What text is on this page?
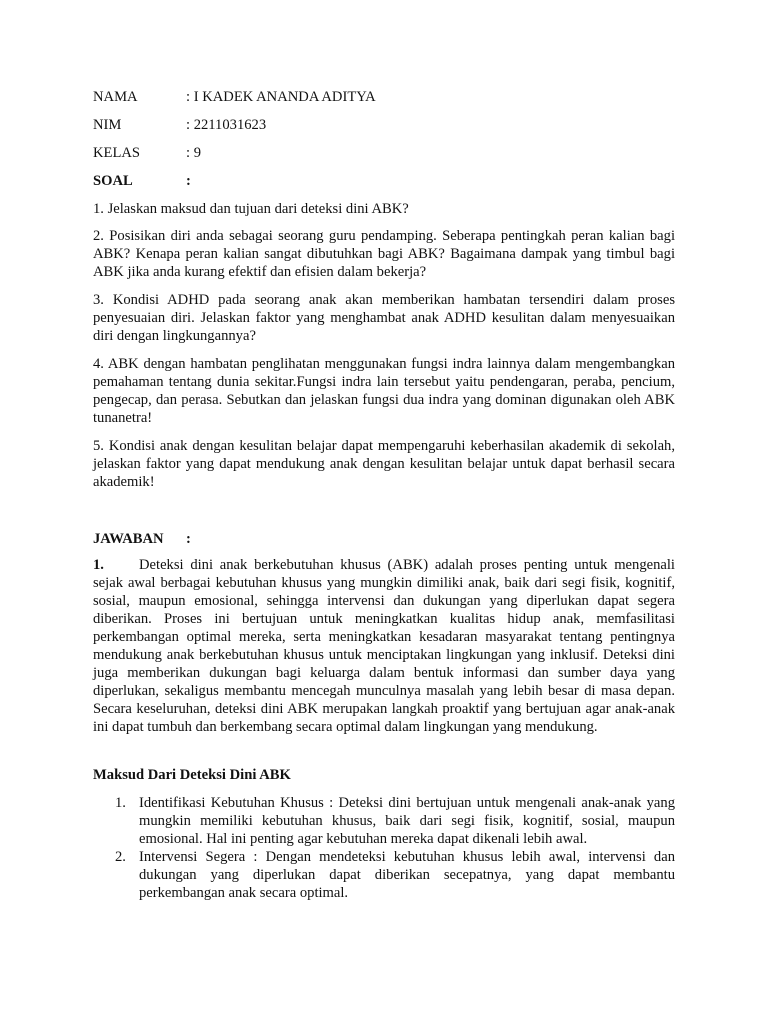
NAMA	: I KADEK ANANDA ADITYA
NIM	: 2211031623
KELAS	: 9
SOAL	:

1. Jelaskan maksud dan tujuan dari deteksi dini ABK?

2. Posisikan diri anda sebagai seorang guru pendamping. Seberapa pentingkah peran kalian bagi ABK? Kenapa peran kalian sangat dibutuhkan bagi ABK? Bagaimana dampak yang timbul bagi ABK jika anda kurang efektif dan efisien dalam bekerja?

3. Kondisi ADHD pada seorang anak akan memberikan hambatan tersendiri dalam proses penyesuaian diri. Jelaskan faktor yang menghambat anak ADHD kesulitan dalam menyesuaikan diri dengan lingkungannya?

4. ABK dengan hambatan penglihatan menggunakan fungsi indra lainnya dalam mengembangkan pemahaman tentang dunia sekitar.Fungsi indra lain tersebut yaitu pendengaran, peraba, pencium, pengecap, dan perasa. Sebutkan dan jelaskan fungsi dua indra yang dominan digunakan oleh ABK tunanetra!

5. Kondisi anak dengan kesulitan belajar dapat mempengaruhi keberhasilan akademik di sekolah, jelaskan faktor yang dapat mendukung anak dengan kesulitan belajar untuk dapat berhasil secara akademik!

JAWABAN :
1.	Deteksi dini anak berkebutuhan khusus (ABK) adalah proses penting untuk mengenali sejak awal berbagai kebutuhan khusus yang mungkin dimiliki anak, baik dari segi fisik, kognitif, sosial, maupun emosional, sehingga intervensi dan dukungan yang diperlukan dapat segera diberikan. Proses ini bertujuan untuk meningkatkan kualitas hidup anak, memfasilitasi perkembangan optimal mereka, serta meningkatkan kesadaran masyarakat tentang pentingnya mendukung anak berkebutuhan khusus untuk menciptakan lingkungan yang inklusif. Deteksi dini juga memberikan dukungan bagi keluarga dalam bentuk informasi dan sumber daya yang diperlukan, sekaligus membantu mencegah munculnya masalah yang lebih besar di masa depan. Secara keseluruhan, deteksi dini ABK merupakan langkah proaktif yang bertujuan agar anak-anak ini dapat tumbuh dan berkembang secara optimal dalam lingkungan yang mendukung.

Maksud Dari Deteksi Dini ABK
1. Identifikasi Kebutuhan Khusus : Deteksi dini bertujuan untuk mengenali anak-anak yang mungkin memiliki kebutuhan khusus, baik dari segi fisik, kognitif, sosial, maupun emosional. Hal ini penting agar kebutuhan mereka dapat dikenali lebih awal.

2. Intervensi Segera : Dengan mendeteksi kebutuhan khusus lebih awal, intervensi dan dukungan yang diperlukan dapat diberikan secepatnya, yang dapat membantu perkembangan anak secara optimal.
